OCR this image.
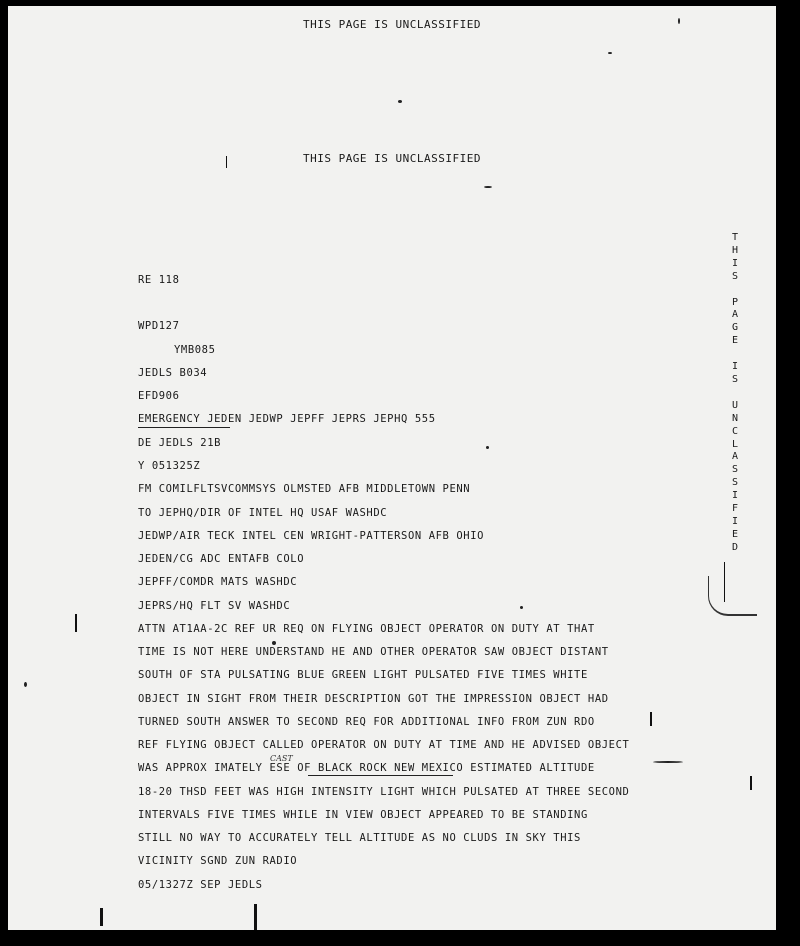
THIS PAGE IS UNCLASSIFIED
THIS PAGE IS UNCLASSIFIED
RE 118
WPD127
YMB085
JEDLS B034
EFD906
EMERGENCY JEDEN JEDWP JEPFF JEPRS JEPHQ 555
DE JEDLS 21B
Y 051325Z
FM COMILFLTSVCOMMSYS OLMSTED AFB MIDDLETOWN PENN
TO JEPHQ/DIR OF INTEL HQ USAF WASHDC
JEDWP/AIR TECK INTEL CEN WRIGHT-PATTERSON AFB OHIO
JEDEN/CG ADC ENTAFB COLO
JEPFF/COMDR MATS WASHDC
JEPRS/HQ FLT SV WASHDC
ATTN AT1AA-2C REF UR REQ ON FLYING OBJECT OPERATOR ON DUTY AT THAT
TIME IS NOT HERE UNDERSTAND HE AND OTHER OPERATOR SAW OBJECT DISTANT
SOUTH OF STA PULSATING BLUE GREEN LIGHT PULSATED FIVE TIMES WHITE
OBJECT IN SIGHT FROM THEIR DESCRIPTION GOT THE IMPRESSION OBJECT HAD
TURNED SOUTH ANSWER TO SECOND REQ FOR ADDITIONAL INFO FROM ZUN RDO
REF FLYING OBJECT CALLED OPERATOR ON DUTY AT TIME AND HE ADVISED OBJECT
WAS APPROX IMATELY ESE OF BLACK ROCK NEW MEXICO ESTIMATED ALTITUDE
18-20 THSD FEET WAS HIGH INTENSITY LIGHT WHICH PULSATED AT THREE SECOND
INTERVALS FIVE TIMES WHILE IN VIEW OBJECT APPEARED TO BE STANDING
STILL NO WAY TO ACCURATELY TELL ALTITUDE AS NO CLUDS IN SKY THIS
VICINITY SGND ZUN RADIO
05/1327Z SEP JEDLS
T
H
I
S

P
A
G
E

I
S

U
N
C
L
A
S
S
I
F
I
E
D
CAST
